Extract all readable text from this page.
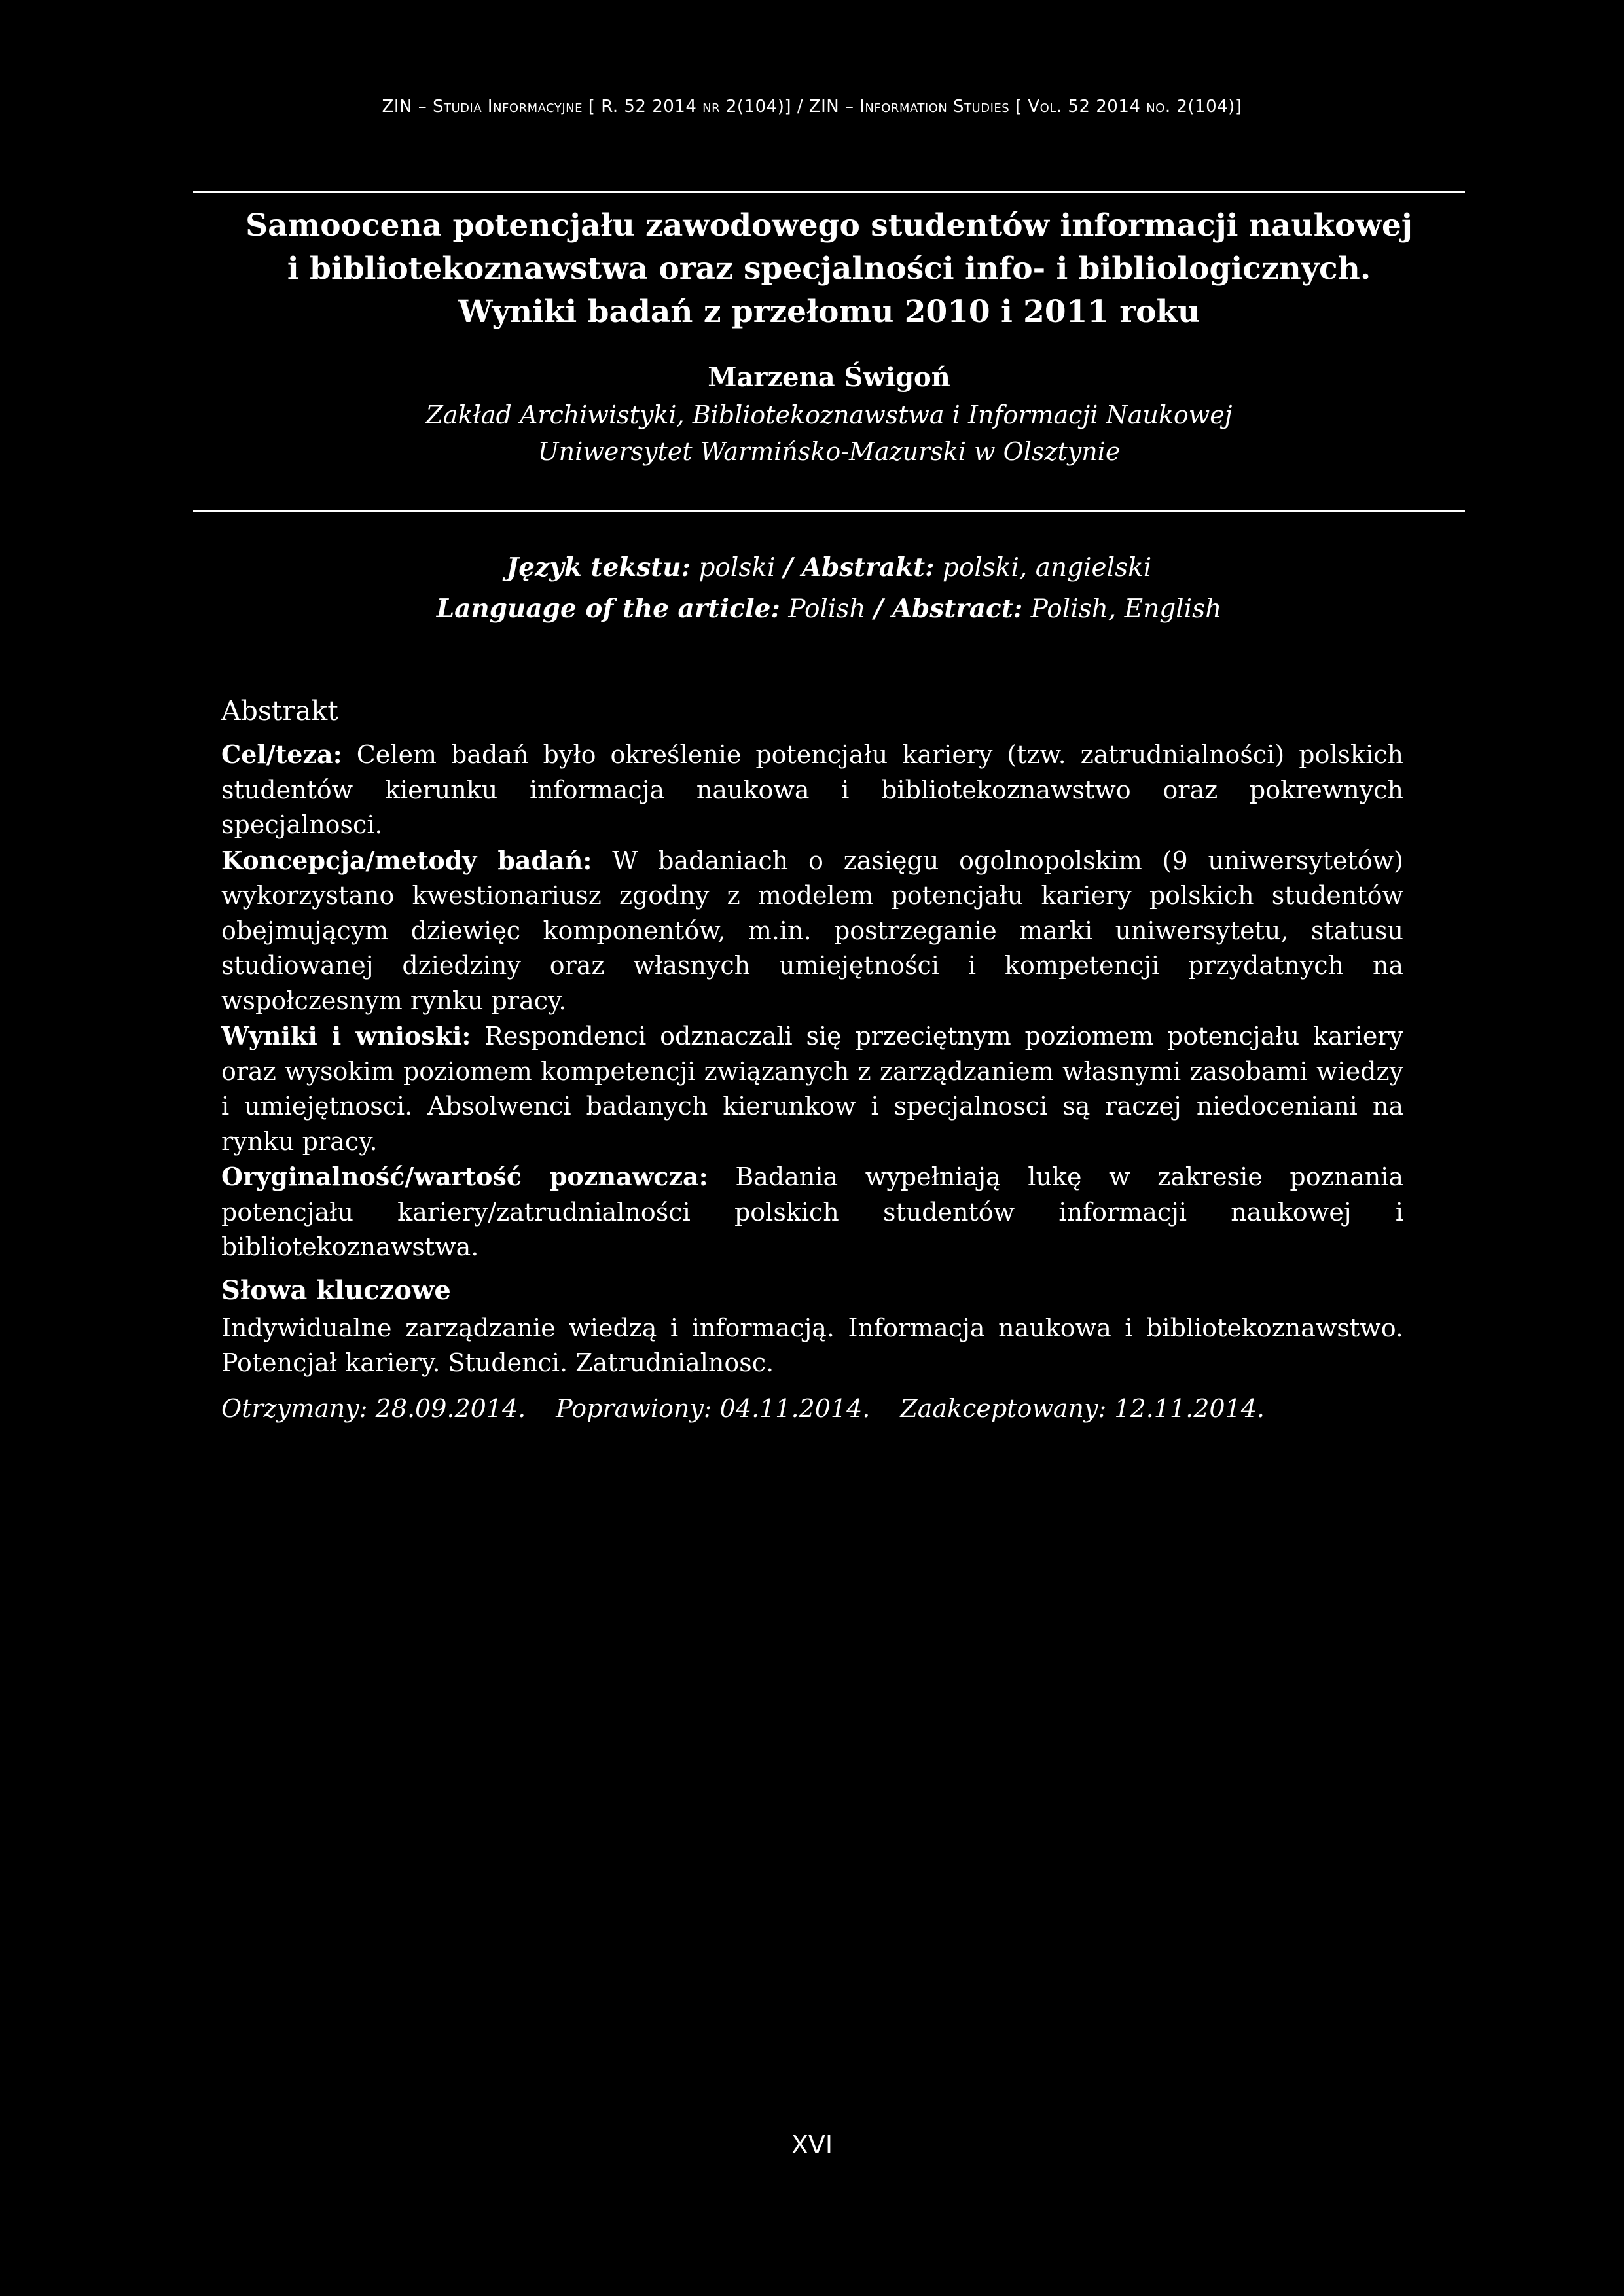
ZIN – Studia Informacyjne [ R. 52 2014 nr 2(104)] / ZIN – Information Studies [ Vol. 52 2014 no. 2(104)]
Samoocena potencjału zawodowego studentów informacji naukowej
i bibliotekoznawstwa oraz specjalności info- i bibliologicznych.
Wyniki badań z przełomu 2010 i 2011 roku
Marzena Świgoń
Zakład Archiwistyki, Bibliotekoznawstwa i Informacji Naukowej
Uniwersytet Warmińsko-Mazurski w Olsztynie
Język tekstu: polski / Abstrakt: polski, angielski
Language of the article: Polish / Abstract: Polish, English
Abstrakt

Cel/teza: Celem badań było określenie potencjału kariery (tzw. zatrudnialności) polskich studentów kierunku informacja naukowa i bibliotekoznawstwo oraz pokrewnych specjalnosci.

Koncepcja/metody badań: W badaniach o zasięgu ogolnopolskim (9 uniwersytetów) wykorzystano kwestionariusz zgodny z modelem potencjału kariery polskich studentów obejmującym dziewięc komponentów, m.in. postrzeganie marki uniwersytetu, statusu studiowanej dziedziny oraz własnych umiejętności i kompetencji przydatnych na wspołczesnym rynku pracy.

Wyniki i wnioski: Respondenci odznaczali się przeciętnym poziomem potencjału kariery oraz wysokim poziomem kompetencji związanych z zarządzaniem własnymi zasobami wiedzy i umiejętnosci. Absolwenci badanych kierunkow i specjalnosci są raczej niedoceniani na rynku pracy.

Oryginalność/wartość poznawcza: Badania wypełniają lukę w zakresie poznania potencjału kariery/zatrudnialności polskich studentów informacji naukowej i bibliotekoznawstwa.

Słowa kluczowe

Indywidualne zarządzanie wiedzą i informacją. Informacja naukowa i bibliotekoznawstwo. Potencjał kariery. Studenci. Zatrudnialnosc.

Otrzymany: 28.09.2014. Poprawiony: 04.11.2014. Zaakceptowany: 12.11.2014.
XVI
